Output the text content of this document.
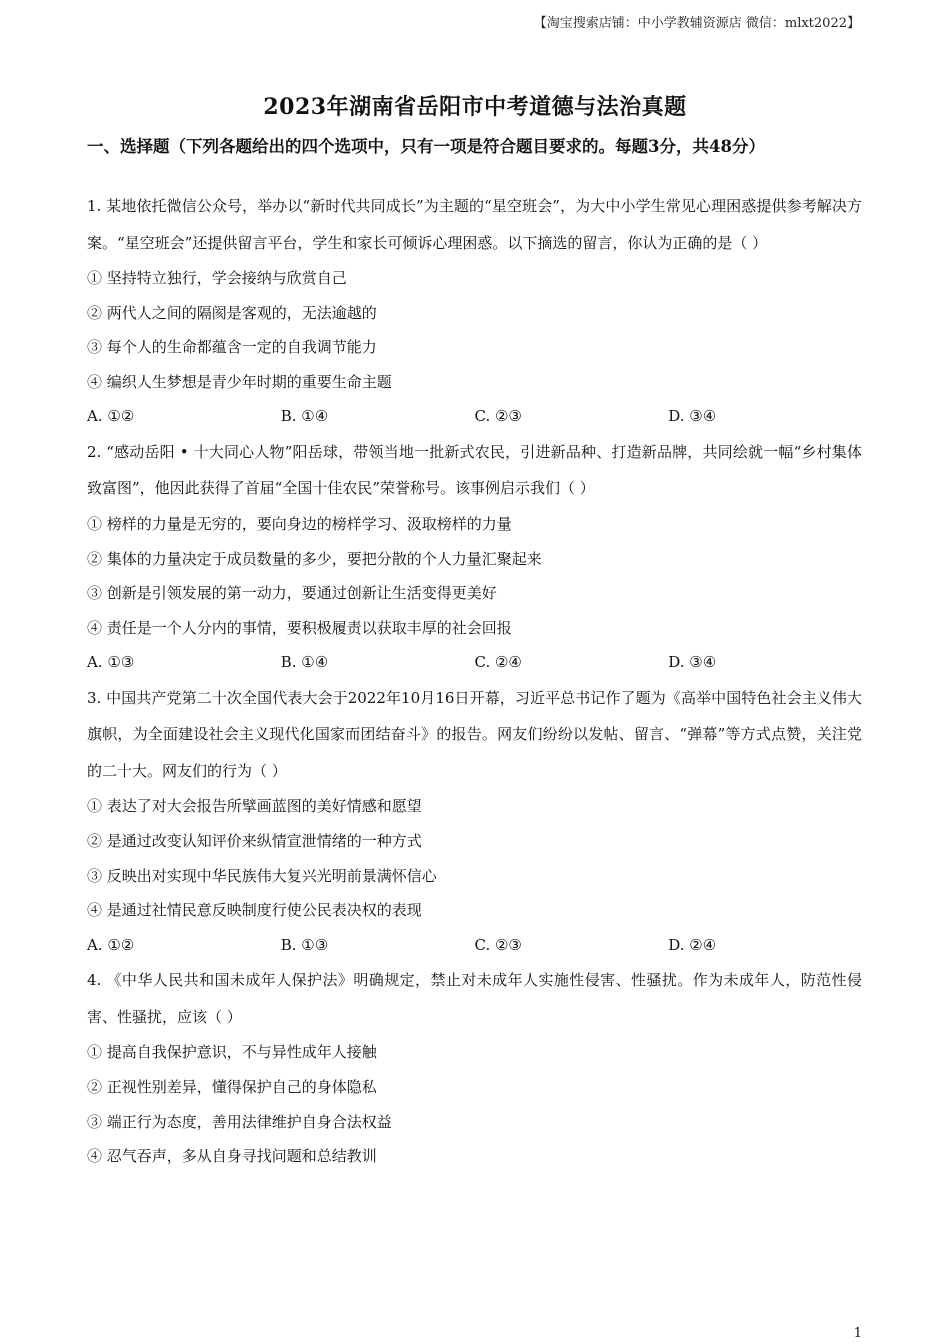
【淘宝搜索店铺：中小学教辅资源店 微信：mlxt2022】
2023年湖南省岳阳市中考道德与法治真题
一、选择题（下列各题给出的四个选项中，只有一项是符合题目要求的。每题3分，共48分）

1. 某地依托微信公众号，举办以“新时代共同成长”为主题的“星空班会”，为大中小学生常见心理困惑提供参考解决方案。“星空班会”还提供留言平台，学生和家长可倾诉心理困惑。以下摘选的留言，你认为正确的是（ ）

① 坚持特立独行，学会接纳与欣赏自己

② 两代人之间的隔阂是客观的，无法逾越的

③ 每个人的生命都蕴含一定的自我调节能力

④ 编织人生梦想是青少年时期的重要生命主题

A. ①②	B. ①④	C. ②③	D. ③④

2. “感动岳阳 • 十大同心人物”阳岳球，带领当地一批新式农民，引进新品种、打造新品牌，共同绘就一幅“乡村集体致富图”，他因此获得了首届“全国十佳农民”荣誉称号。该事例启示我们（ ）

① 榜样的力量是无穷的，要向身边的榜样学习、汲取榜样的力量

② 集体的力量决定于成员数量的多少，要把分散的个人力量汇聚起来

③ 创新是引领发展的第一动力，要通过创新让生活变得更美好

④ 责任是一个人分内的事情，要积极履责以获取丰厚的社会回报

A. ①③	B. ①④	C. ②④	D. ③④

3. 中国共产党第二十次全国代表大会于2022年10月16日开幕，习近平总书记作了题为《高举中国特色社会主义伟大旗帜，为全面建设社会主义现代化国家而团结奋斗》的报告。网友们纷纷以发帖、留言、“弹幕”等方式点赞，关注党的二十大。网友们的行为（ ）

① 表达了对大会报告所擘画蓝图的美好情感和愿望

② 是通过改变认知评价来纵情宣泄情绪的一种方式

③ 反映出对实现中华民族伟大复兴光明前景满怀信心

④ 是通过社情民意反映制度行使公民表决权的表现

A. ①②	B. ①③	C. ②③	D. ②④

4. 《中华人民共和国未成年人保护法》明确规定，禁止对未成年人实施性侵害、性骚扰。作为未成年人，防范性侵害、性骚扰，应该（ ）

① 提高自我保护意识，不与异性成年人接触

② 正视性别差异，懂得保护自己的身体隐私

③ 端正行为态度，善用法律维护自身合法权益

④ 忍气吞声，多从自身寻找问题和总结教训

1
